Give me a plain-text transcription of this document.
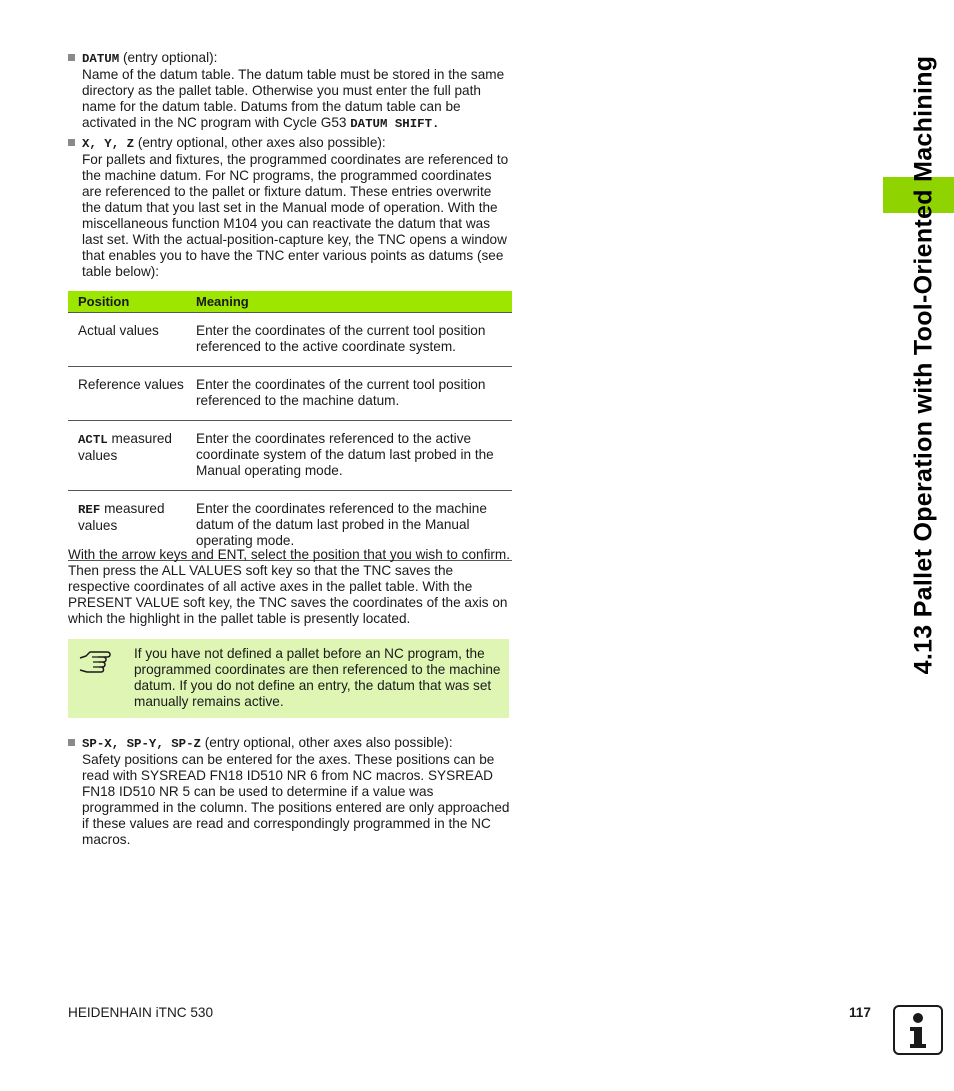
4.13 Pallet Operation with Tool-Oriented Machining

DATUM (entry optional):

Name of the datum table. The datum table must be stored in the same directory as the pallet table. Otherwise you must enter the full path name for the datum table. Datums from the datum table can be activated in the NC program with Cycle G53 DATUM SHIFT.

X, Y, Z (entry optional, other axes also possible):

For pallets and fixtures, the programmed coordinates are referenced to the machine datum. For NC programs, the programmed coordinates are referenced to the pallet or fixture datum. These entries overwrite the datum that you last set in the Manual mode of operation. With the miscellaneous function M104 you can reactivate the datum that was last set. With the actual-position-capture key, the TNC opens a window that enables you to have the TNC enter various points as datums (see table below):

Position	Meaning
Actual values	Enter the coordinates of the current tool position referenced to the active coordinate system.
Reference values	Enter the coordinates of the current tool position referenced to the machine datum.
ACTL measured values	Enter the coordinates referenced to the active coordinate system of the datum last probed in the Manual operating mode.
REF measured values	Enter the coordinates referenced to the machine datum of the datum last probed in the Manual operating mode.

With the arrow keys and ENT, select the position that you wish to confirm. Then press the ALL VALUES soft key so that the TNC saves the respective coordinates of all active axes in the pallet table. With the PRESENT VALUE soft key, the TNC saves the coordinates of the axis on which the highlight in the pallet table is presently located.

If you have not defined a pallet before an NC program, the programmed coordinates are then referenced to the machine datum. If you do not define an entry, the datum that was set manually remains active.

SP-X, SP-Y, SP-Z (entry optional, other axes also possible):

Safety positions can be entered for the axes. These positions can be read with SYSREAD FN18 ID510 NR 6 from NC macros. SYSREAD FN18 ID510 NR 5 can be used to determine if a value was programmed in the column. The positions entered are only approached if these values are read and correspondingly programmed in the NC macros.

HEIDENHAIN iTNC 530	117
